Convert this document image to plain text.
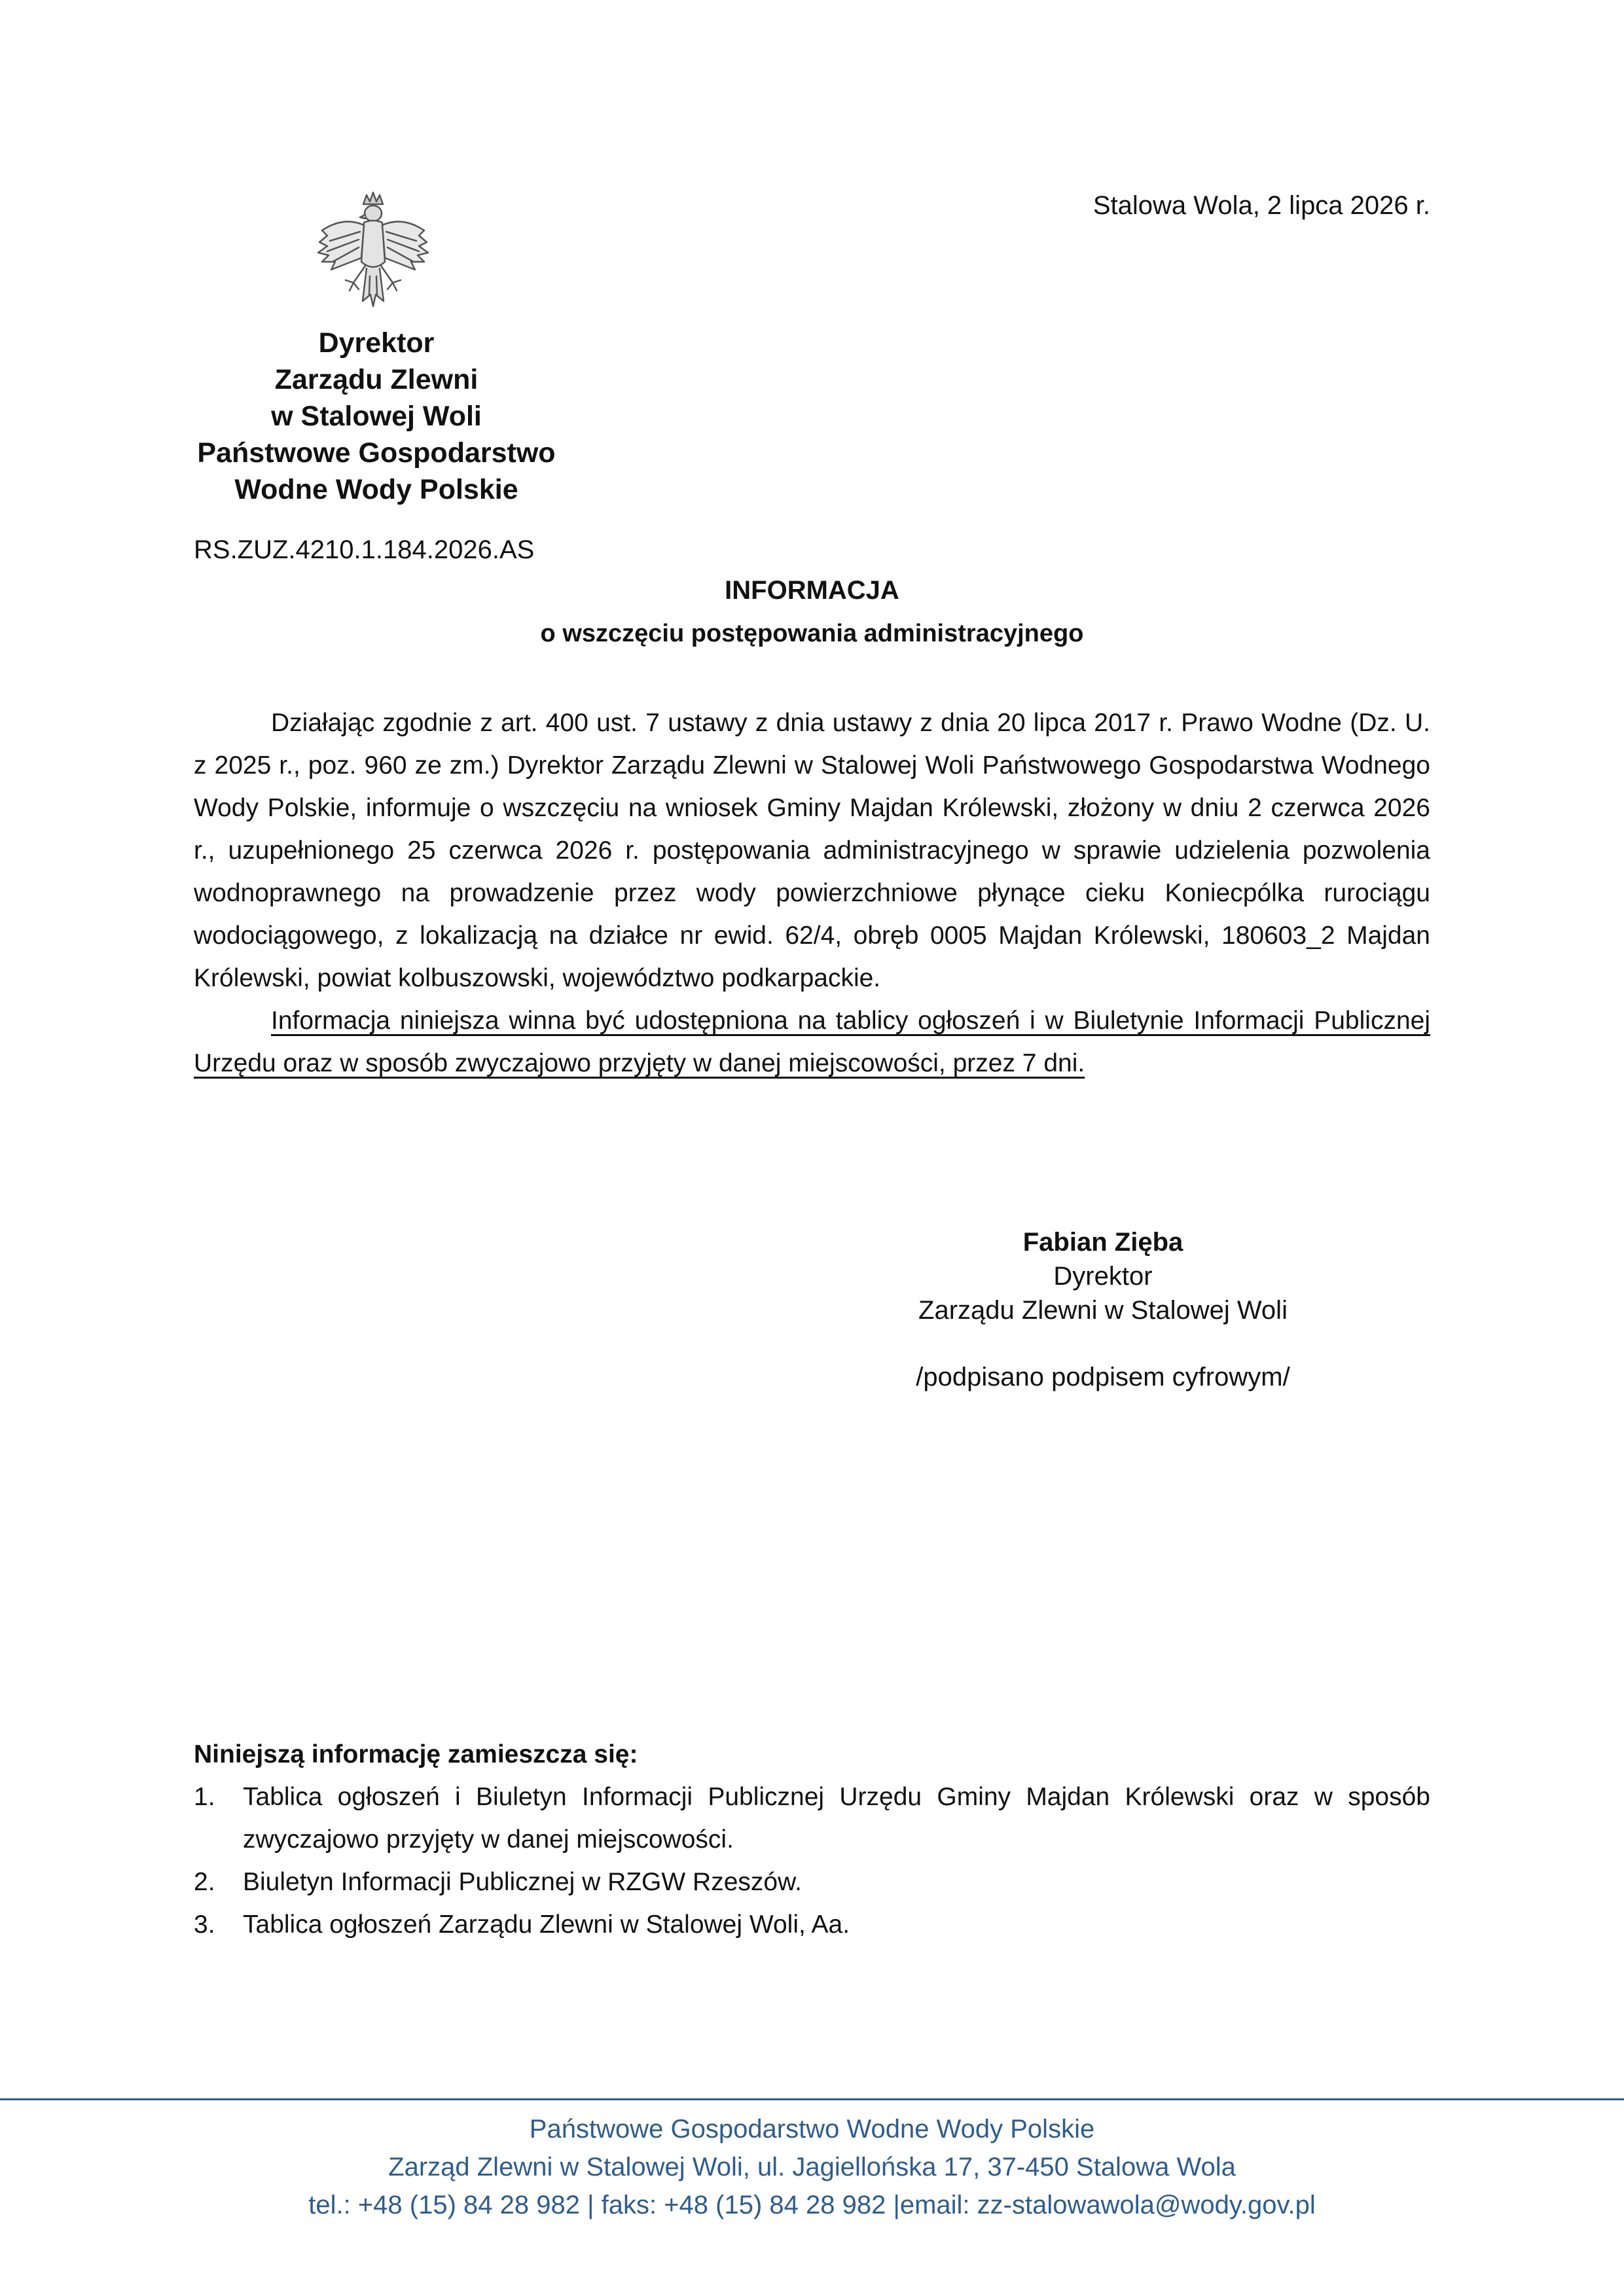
Stalowa Wola, 2 lipca 2026 r.
Dyrektor
Zarządu Zlewni
w Stalowej Woli
Państwowe Gospodarstwo
Wodne Wody Polskie
RS.ZUZ.4210.1.184.2026.AS
INFORMACJA
o wszczęciu postępowania administracyjnego

Działając zgodnie z art. 400 ust. 7 ustawy z dnia ustawy z dnia 20 lipca 2017 r. Prawo Wodne (Dz. U. z 2025 r., poz. 960 ze zm.) Dyrektor Zarządu Zlewni w Stalowej Woli Państwowego Gospodarstwa Wodnego Wody Polskie, informuje o wszczęciu na wniosek Gminy Majdan Królewski, złożony w dniu 2 czerwca 2026 r., uzupełnionego 25 czerwca 2026 r. postępowania administracyjnego w sprawie udzielenia pozwolenia wodnoprawnego na prowadzenie przez wody powierzchniowe płynące cieku Koniecpólka rurociągu wodociągowego, z lokalizacją na działce nr ewid. 62/4, obręb 0005 Majdan Królewski, 180603_2 Majdan Królewski, powiat kolbuszowski, województwo podkarpackie.

Informacja niniejsza winna być udostępniona na tablicy ogłoszeń i w Biuletynie Informacji Publicznej Urzędu oraz w sposób zwyczajowo przyjęty w danej miejscowości, przez 7 dni.

Fabian Zięba
Dyrektor
Zarządu Zlewni w Stalowej Woli
/podpisano podpisem cyfrowym/
Niniejszą informację zamieszcza się:
1. Tablica ogłoszeń i Biuletyn Informacji Publicznej Urzędu Gminy Majdan Królewski oraz w sposób zwyczajowo przyjęty w danej miejscowości.
2. Biuletyn Informacji Publicznej w RZGW Rzeszów.
3. Tablica ogłoszeń Zarządu Zlewni w Stalowej Woli, Aa.
Państwowe Gospodarstwo Wodne Wody Polskie
Zarząd Zlewni w Stalowej Woli, ul. Jagiellońska 17, 37-450 Stalowa Wola
tel.: +48 (15) 84 28 982 | faks: +48 (15) 84 28 982 |email: zz-stalowawola@wody.gov.pl
